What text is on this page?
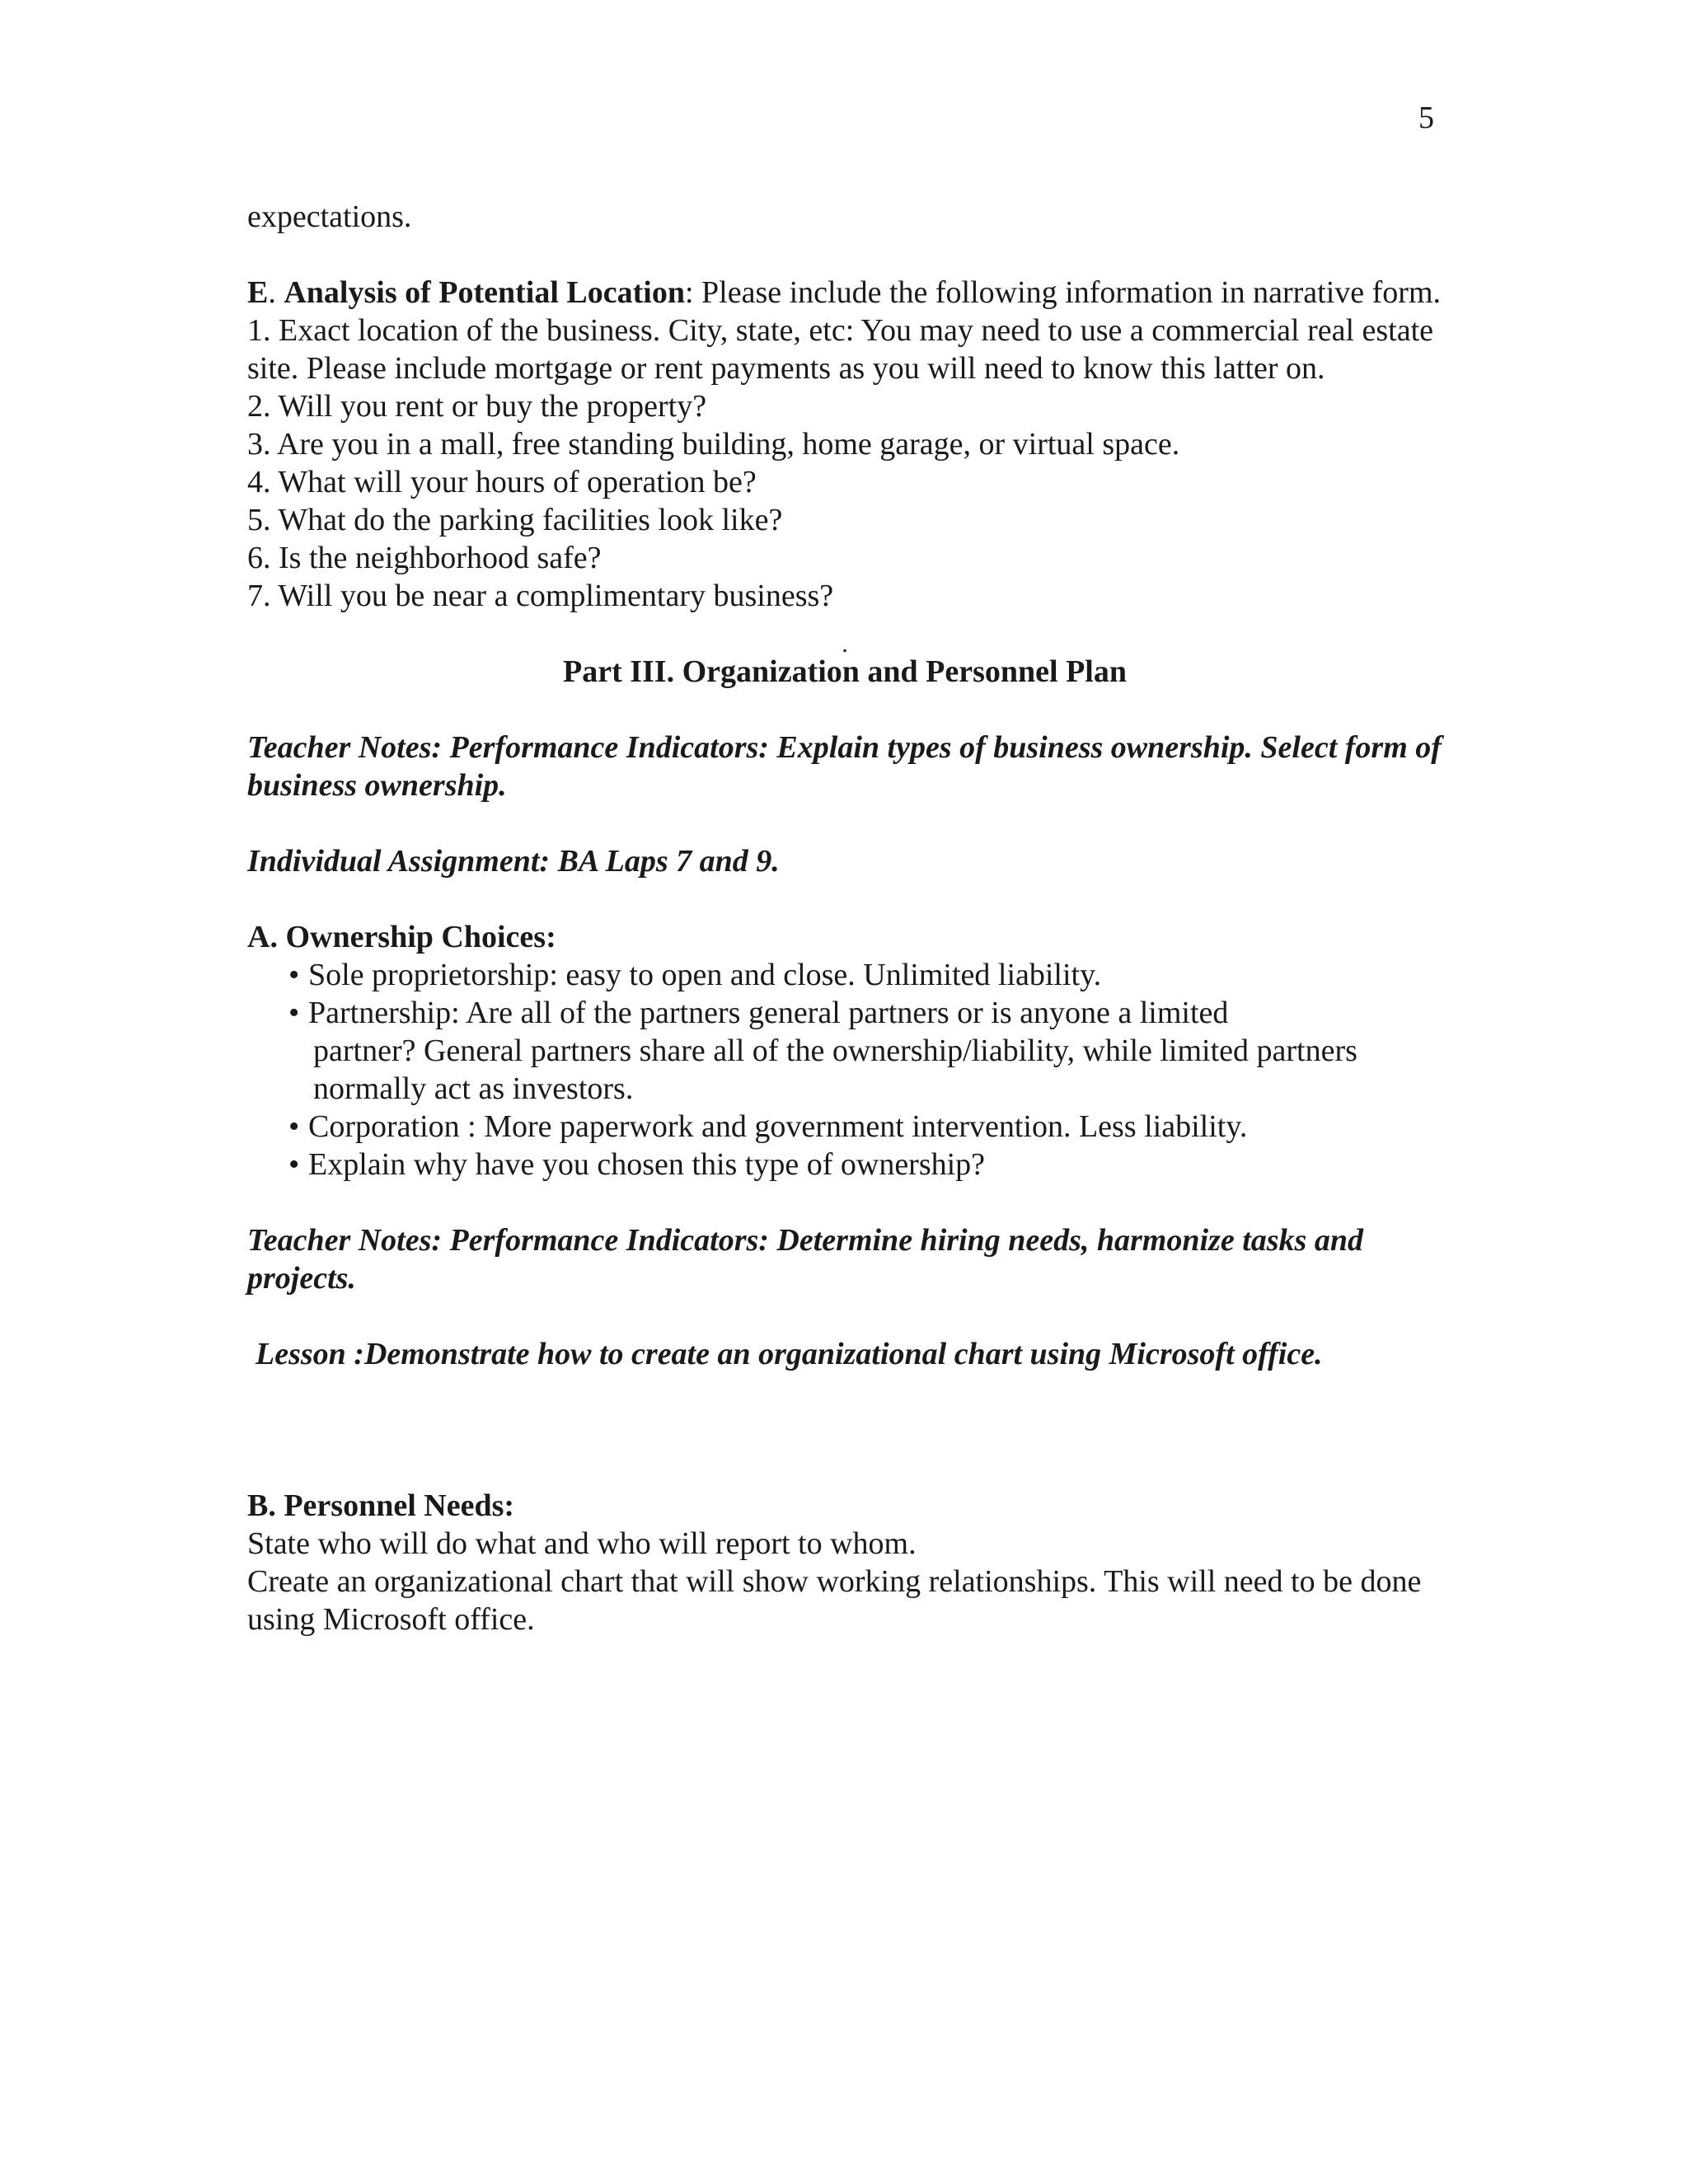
5

expectations.

E. Analysis of Potential Location: Please include the following information in narrative form.

1. Exact location of the business. City, state, etc: You may need to use a commercial real estate site. Please include mortgage or rent payments as you will need to know this latter on.

2. Will you rent or buy the property?

3. Are you in a mall, free standing building, home garage, or virtual space.

4. What will your hours of operation be?

5. What do the parking facilities look like?

6. Is the neighborhood safe?

7. Will you be near a complimentary business?

.

Part III. Organization and Personnel Plan

Teacher Notes: Performance Indicators: Explain types of business ownership. Select form of business ownership.

Individual Assignment: BA Laps 7 and 9.

A. Ownership Choices:

• Sole proprietorship: easy to open and close. Unlimited liability.
• Partnership: Are all of the partners general partners or is anyone a limited
partner? General partners share all of the ownership/liability, while limited partners normally act as investors.
• Corporation : More paperwork and government intervention. Less liability.
• Explain why have you chosen this type of ownership?

Teacher Notes: Performance Indicators: Determine hiring needs, harmonize tasks and projects.

Lesson :Demonstrate how to create an organizational chart using Microsoft office.

B. Personnel Needs:

State who will do what and who will report to whom.

Create an organizational chart that will show working relationships. This will need to be done using Microsoft office.
